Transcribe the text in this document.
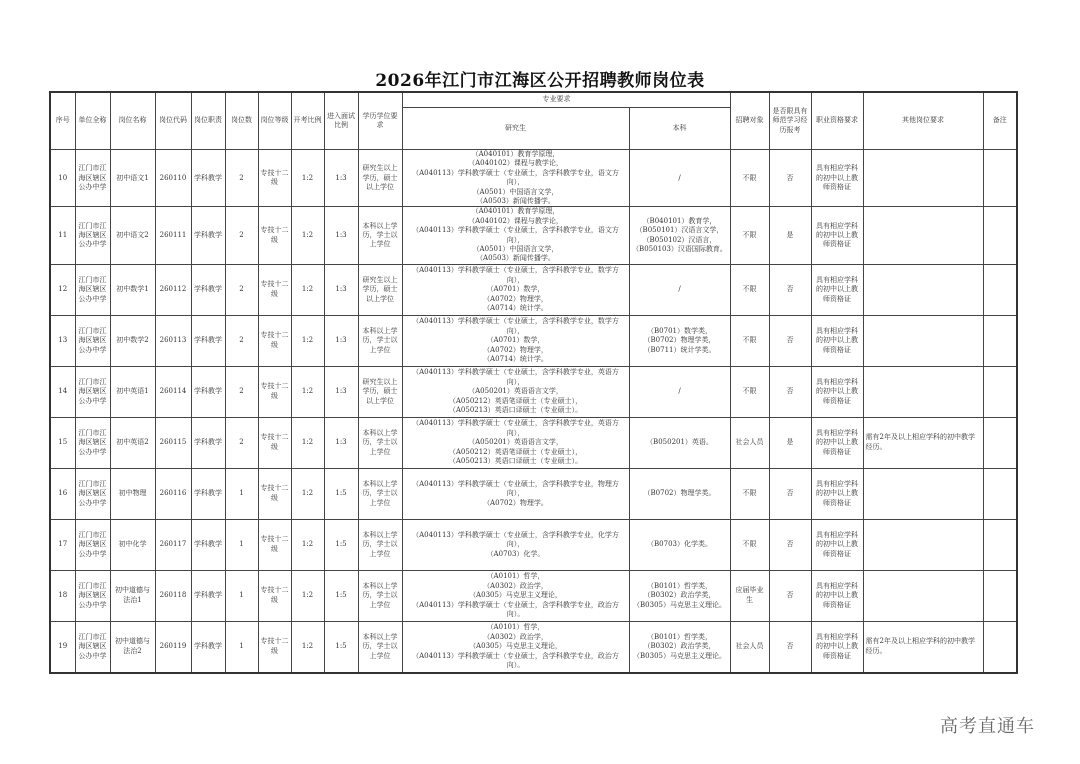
2026年江门市江海区公开招聘教师岗位表
序号	单位全称	岗位名称	岗位代码	岗位职责	岗位数	岗位等级	开考比例	进入面试比例	学历学位要求	专业要求		招聘对象	是否限具有师范学习经历报考	职业资格要求	其他岗位要求	备注
										研究生	本科					
10	江门市江海区辖区公办中学	初中语文1	260110	学科教学	2	专技十二级	1:2	1:3	研究生以上学历，硕士以上学位	（A040101）教育学原理，
（A040102）课程与教学论，
（A040113）学科教学硕士（专业硕士，含学科教学专业，语文方向），
（A0501）中国语言文学，
（A0503）新闻传播学。	/	不限	否	具有相应学科的初中以上教师资格证		
11	江门市江海区辖区公办中学	初中语文2	260111	学科教学	2	专技十二级	1:2	1:3	本科以上学历，学士以上学位	（A040101）教育学原理，
（A040102）课程与教学论，
（A040113）学科教学硕士（专业硕士，含学科教学专业，语文方向），
（A0501）中国语言文学，
（A0503）新闻传播学。	（B040101）教育学，
（B050101）汉语言文学，
（B050102）汉语言，
（B050103）汉语国际教育。	不限	是	具有相应学科的初中以上教师资格证		
12	江门市江海区辖区公办中学	初中数学1	260112	学科教学	2	专技十二级	1:2	1:3	研究生以上学历，硕士以上学位	（A040113）学科教学硕士（专业硕士，含学科教学专业，数学方向），
（A0701）数学，
（A0702）物理学，
（A0714）统计学。	/	不限	否	具有相应学科的初中以上教师资格证		
13	江门市江海区辖区公办中学	初中数学2	260113	学科教学	2	专技十二级	1:2	1:3	本科以上学历，学士以上学位	（A040113）学科教学硕士（专业硕士，含学科教学专业，数学方向），
（A0701）数学，
（A0702）物理学，
（A0714）统计学。	（B0701）数学类，
（B0702）物理学类，
（B0711）统计学类。	不限	否	具有相应学科的初中以上教师资格证		
14	江门市江海区辖区公办中学	初中英语1	260114	学科教学	2	专技十二级	1:2	1:3	研究生以上学历，硕士以上学位	（A040113）学科教学硕士（专业硕士，含学科教学专业，英语方向），
（A050201）英语语言文学，
（A050212）英语笔译硕士（专业硕士），
（A050213）英语口译硕士（专业硕士）。	/	不限	否	具有相应学科的初中以上教师资格证		
15	江门市江海区辖区公办中学	初中英语2	260115	学科教学	2	专技十二级	1:2	1:3	本科以上学历，学士以上学位	（A040113）学科教学硕士（专业硕士，含学科教学专业，英语方向），
（A050201）英语语言文学，
（A050212）英语笔译硕士（专业硕士），
（A050213）英语口译硕士（专业硕士）。	（B050201）英语。	社会人员	是	具有相应学科的初中以上教师资格证	需有2年及以上相应学科的初中教学经历。	
16	江门市江海区辖区公办中学	初中物理	260116	学科教学	1	专技十二级	1:2	1:5	本科以上学历，学士以上学位	（A040113）学科教学硕士（专业硕士，含学科教学专业，物理方向），
（A0702）物理学。	（B0702）物理学类。	不限	否	具有相应学科的初中以上教师资格证		
17	江门市江海区辖区公办中学	初中化学	260117	学科教学	1	专技十二级	1:2	1:5	本科以上学历，学士以上学位	（A040113）学科教学硕士（专业硕士，含学科教学专业，化学方向），
（A0703）化学。	（B0703）化学类。	不限	否	具有相应学科的初中以上教师资格证		
18	江门市江海区辖区公办中学	初中道德与法治1	260118	学科教学	1	专技十二级	1:2	1:5	本科以上学历，学士以上学位	（A0101）哲学，
（A0302）政治学，
（A0305）马克思主义理论，
（A040113）学科教学硕士（专业硕士，含学科教学专业，政治方向）。	（B0101）哲学类，
（B0302）政治学类，
（B0305）马克思主义理论。	应届毕业生	否	具有相应学科的初中以上教师资格证		
19	江门市江海区辖区公办中学	初中道德与法治2	260119	学科教学	1	专技十二级	1:2	1:5	本科以上学历，学士以上学位	（A0101）哲学，
（A0302）政治学，
（A0305）马克思主义理论，
（A040113）学科教学硕士（专业硕士，含学科教学专业，政治方向）。	（B0101）哲学类，
（B0302）政治学类，
（B0305）马克思主义理论。	社会人员	否	具有相应学科的初中以上教师资格证	需有2年及以上相应学科的初中教学经历。	
高考直通车
